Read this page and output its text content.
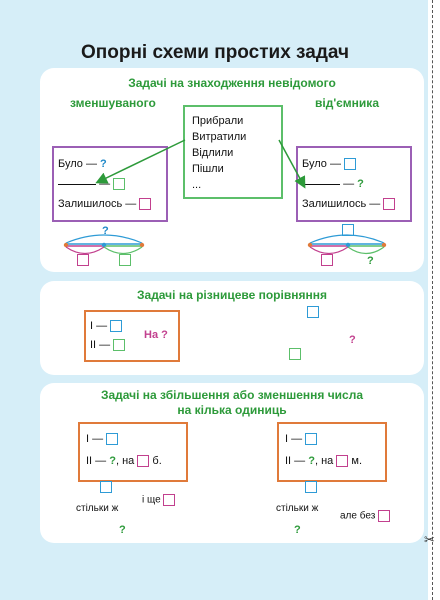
✂
Опорні схеми простих задач
Задачі на знаходження невідомого
зменшуваного	від'ємника
Прибрали
Витратили
Відлили
Пішли
...
Було — ?
—
Залишилось —
Було —
— ?
Залишилось —
?
?
Задачі на різницеве порівняння
І —
ІІ —
На ?	?
Задачі на збільшення або зменшення числа
на кілька одиниць
І —
ІІ — ?, на б.
І —
ІІ — ?, на м.
стільки ж
і ще
?
стільки ж
але без
?
